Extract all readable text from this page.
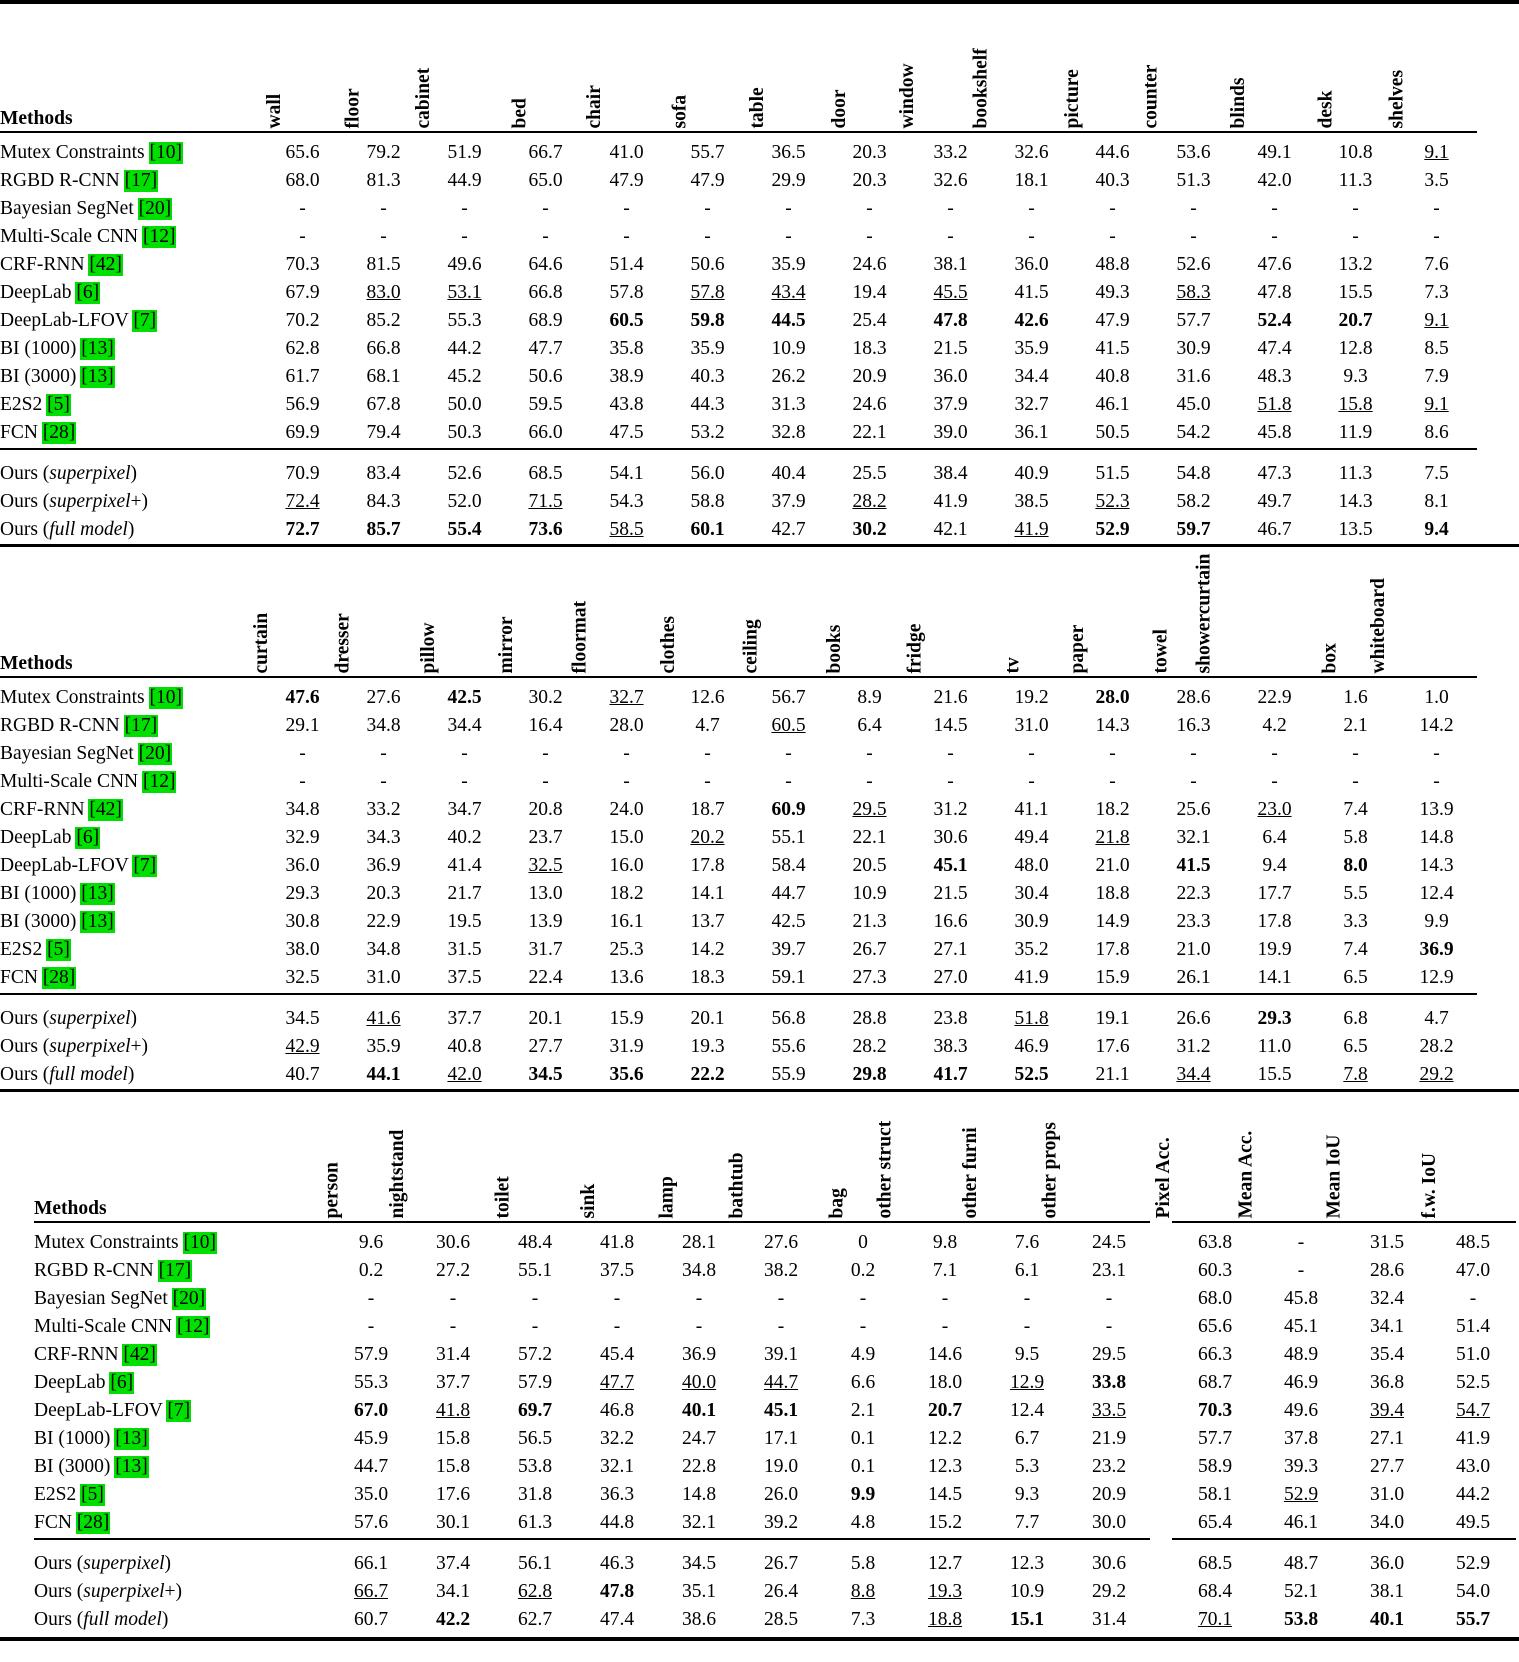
Methods	wall	floor	cabinet	bed	chair	sofa	table	door	window	bookshelf	picture	counter	blinds	desk	shelves

Mutex Constraints [10]	65.6	79.2	51.9	66.7	41.0	55.7	36.5	20.3	33.2	32.6	44.6	53.6	49.1	10.8	9.1
RGBD R-CNN [17]	68.0	81.3	44.9	65.0	47.9	47.9	29.9	20.3	32.6	18.1	40.3	51.3	42.0	11.3	3.5
Bayesian SegNet [20]	-	-	-	-	-	-	-	-	-	-	-	-	-	-	-
Multi-Scale CNN [12]	-	-	-	-	-	-	-	-	-	-	-	-	-	-	-
CRF-RNN [42]	70.3	81.5	49.6	64.6	51.4	50.6	35.9	24.6	38.1	36.0	48.8	52.6	47.6	13.2	7.6
DeepLab [6]	67.9	83.0	53.1	66.8	57.8	57.8	43.4	19.4	45.5	41.5	49.3	58.3	47.8	15.5	7.3
DeepLab-LFOV [7]	70.2	85.2	55.3	68.9	60.5	59.8	44.5	25.4	47.8	42.6	47.9	57.7	52.4	20.7	9.1
BI (1000) [13]	62.8	66.8	44.2	47.7	35.8	35.9	10.9	18.3	21.5	35.9	41.5	30.9	47.4	12.8	8.5
BI (3000) [13]	61.7	68.1	45.2	50.6	38.9	40.3	26.2	20.9	36.0	34.4	40.8	31.6	48.3	9.3	7.9
E2S2 [5]	56.9	67.8	50.0	59.5	43.8	44.3	31.3	24.6	37.9	32.7	46.1	45.0	51.8	15.8	9.1
FCN [28]	69.9	79.4	50.3	66.0	47.5	53.2	32.8	22.1	39.0	36.1	50.5	54.2	45.8	11.9	8.6

Ours (superpixel)	70.9	83.4	52.6	68.5	54.1	56.0	40.4	25.5	38.4	40.9	51.5	54.8	47.3	11.3	7.5
Ours (superpixel+)	72.4	84.3	52.0	71.5	54.3	58.8	37.9	28.2	41.9	38.5	52.3	58.2	49.7	14.3	8.1
Ours (full model)	72.7	85.7	55.4	73.6	58.5	60.1	42.7	30.2	42.1	41.9	52.9	59.7	46.7	13.5	9.4
Methods	curtain	dresser	pillow	mirror	floormat	clothes	ceiling	books	fridge	tv	paper	towel	showercurtain	box	whiteboard

Mutex Constraints [10]	47.6	27.6	42.5	30.2	32.7	12.6	56.7	8.9	21.6	19.2	28.0	28.6	22.9	1.6	1.0
RGBD R-CNN [17]	29.1	34.8	34.4	16.4	28.0	4.7	60.5	6.4	14.5	31.0	14.3	16.3	4.2	2.1	14.2
Bayesian SegNet [20]	-	-	-	-	-	-	-	-	-	-	-	-	-	-	-
Multi-Scale CNN [12]	-	-	-	-	-	-	-	-	-	-	-	-	-	-	-
CRF-RNN [42]	34.8	33.2	34.7	20.8	24.0	18.7	60.9	29.5	31.2	41.1	18.2	25.6	23.0	7.4	13.9
DeepLab [6]	32.9	34.3	40.2	23.7	15.0	20.2	55.1	22.1	30.6	49.4	21.8	32.1	6.4	5.8	14.8
DeepLab-LFOV [7]	36.0	36.9	41.4	32.5	16.0	17.8	58.4	20.5	45.1	48.0	21.0	41.5	9.4	8.0	14.3
BI (1000) [13]	29.3	20.3	21.7	13.0	18.2	14.1	44.7	10.9	21.5	30.4	18.8	22.3	17.7	5.5	12.4
BI (3000) [13]	30.8	22.9	19.5	13.9	16.1	13.7	42.5	21.3	16.6	30.9	14.9	23.3	17.8	3.3	9.9
E2S2 [5]	38.0	34.8	31.5	31.7	25.3	14.2	39.7	26.7	27.1	35.2	17.8	21.0	19.9	7.4	36.9
FCN [28]	32.5	31.0	37.5	22.4	13.6	18.3	59.1	27.3	27.0	41.9	15.9	26.1	14.1	6.5	12.9

Ours (superpixel)	34.5	41.6	37.7	20.1	15.9	20.1	56.8	28.8	23.8	51.8	19.1	26.6	29.3	6.8	4.7
Ours (superpixel+)	42.9	35.9	40.8	27.7	31.9	19.3	55.6	28.2	38.3	46.9	17.6	31.2	11.0	6.5	28.2
Ours (full model)	40.7	44.1	42.0	34.5	35.6	22.2	55.9	29.8	41.7	52.5	21.1	34.4	15.5	7.8	29.2
Methods	person	nightstand	toilet	sink	lamp	bathtub	bag	other struct	other furni	other props		Pixel Acc.	Mean Acc.	Mean IoU	f.w. IoU

Mutex Constraints [10]	9.6	30.6	48.4	41.8	28.1	27.6	0	9.8	7.6	24.5		63.8	-	31.5	48.5
RGBD R-CNN [17]	0.2	27.2	55.1	37.5	34.8	38.2	0.2	7.1	6.1	23.1		60.3	-	28.6	47.0
Bayesian SegNet [20]	-	-	-	-	-	-	-	-	-	-		68.0	45.8	32.4	-
Multi-Scale CNN [12]	-	-	-	-	-	-	-	-	-	-		65.6	45.1	34.1	51.4
CRF-RNN [42]	57.9	31.4	57.2	45.4	36.9	39.1	4.9	14.6	9.5	29.5		66.3	48.9	35.4	51.0
DeepLab [6]	55.3	37.7	57.9	47.7	40.0	44.7	6.6	18.0	12.9	33.8		68.7	46.9	36.8	52.5
DeepLab-LFOV [7]	67.0	41.8	69.7	46.8	40.1	45.1	2.1	20.7	12.4	33.5		70.3	49.6	39.4	54.7
BI (1000) [13]	45.9	15.8	56.5	32.2	24.7	17.1	0.1	12.2	6.7	21.9		57.7	37.8	27.1	41.9
BI (3000) [13]	44.7	15.8	53.8	32.1	22.8	19.0	0.1	12.3	5.3	23.2		58.9	39.3	27.7	43.0
E2S2 [5]	35.0	17.6	31.8	36.3	14.8	26.0	9.9	14.5	9.3	20.9		58.1	52.9	31.0	44.2
FCN [28]	57.6	30.1	61.3	44.8	32.1	39.2	4.8	15.2	7.7	30.0		65.4	46.1	34.0	49.5

Ours (superpixel)	66.1	37.4	56.1	46.3	34.5	26.7	5.8	12.7	12.3	30.6		68.5	48.7	36.0	52.9
Ours (superpixel+)	66.7	34.1	62.8	47.8	35.1	26.4	8.8	19.3	10.9	29.2		68.4	52.1	38.1	54.0
Ours (full model)	60.7	42.2	62.7	47.4	38.6	28.5	7.3	18.8	15.1	31.4		70.1	53.8	40.1	55.7
